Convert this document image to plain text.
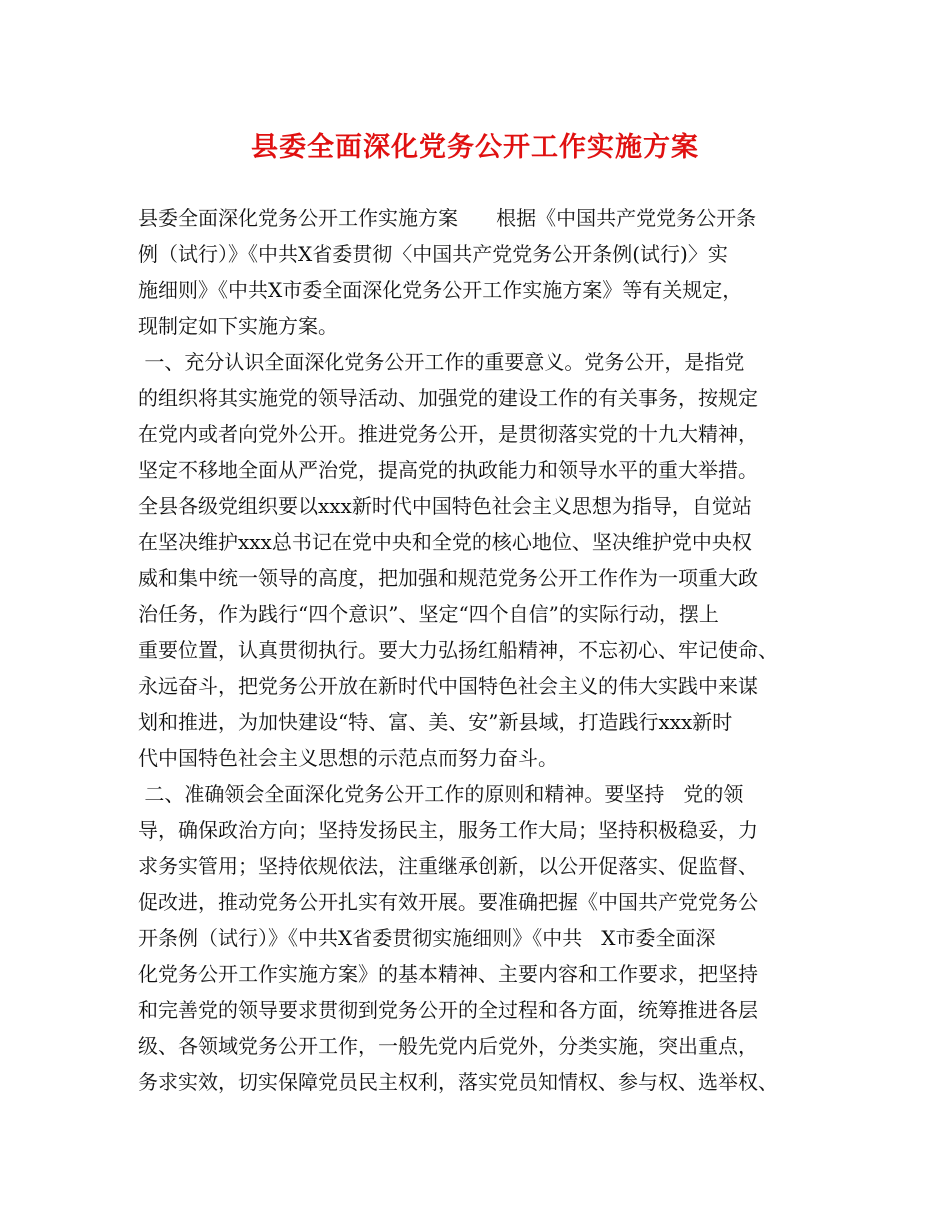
县委全面深化党务公开工作实施方案
县委全面深化党务公开工作实施方案      根据《中国共产党党务公开条
例（试行）》《中共X省委贯彻〈中国共产党党务公开条例(试行)〉实
施细则》《中共X市委全面深化党务公开工作实施方案》等有关规定，
现制定如下实施方案。
一、充分认识全面深化党务公开工作的重要意义。党务公开，是指党
的组织将其实施党的领导活动、加强党的建设工作的有关事务，按规定
在党内或者向党外公开。推进党务公开，是贯彻落实党的十九大精神，
坚定不移地全面从严治党，提高党的执政能力和领导水平的重大举措。
全县各级党组织要以xxx新时代中国特色社会主义思想为指导，自觉站
在坚决维护xxx总书记在党中央和全党的核心地位、坚决维护党中央权
威和集中统一领导的高度，把加强和规范党务公开工作作为一项重大政
治任务，作为践行“四个意识”、坚定“四个自信”的实际行动，摆上
重要位置，认真贯彻执行。要大力弘扬红船精神，不忘初心、牢记使命、
永远奋斗，把党务公开放在新时代中国特色社会主义的伟大实践中来谋
划和推进，为加快建设“特、富、美、安”新县域，打造践行xxx新时
代中国特色社会主义思想的示范点而努力奋斗。
二、准确领会全面深化党务公开工作的原则和精神。要坚持   党的领
导，确保政治方向；坚持发扬民主，服务工作大局；坚持积极稳妥，力
求务实管用；坚持依规依法，注重继承创新，以公开促落实、促监督、
促改进，推动党务公开扎实有效开展。要准确把握《中国共产党党务公
开条例（试行）》《中共X省委贯彻实施细则》《中共   X市委全面深
化党务公开工作实施方案》的基本精神、主要内容和工作要求，把坚持
和完善党的领导要求贯彻到党务公开的全过程和各方面，统筹推进各层
级、各领域党务公开工作，一般先党内后党外，分类实施，突出重点，
务求实效，切实保障党员民主权利，落实党员知情权、参与权、选举权、
